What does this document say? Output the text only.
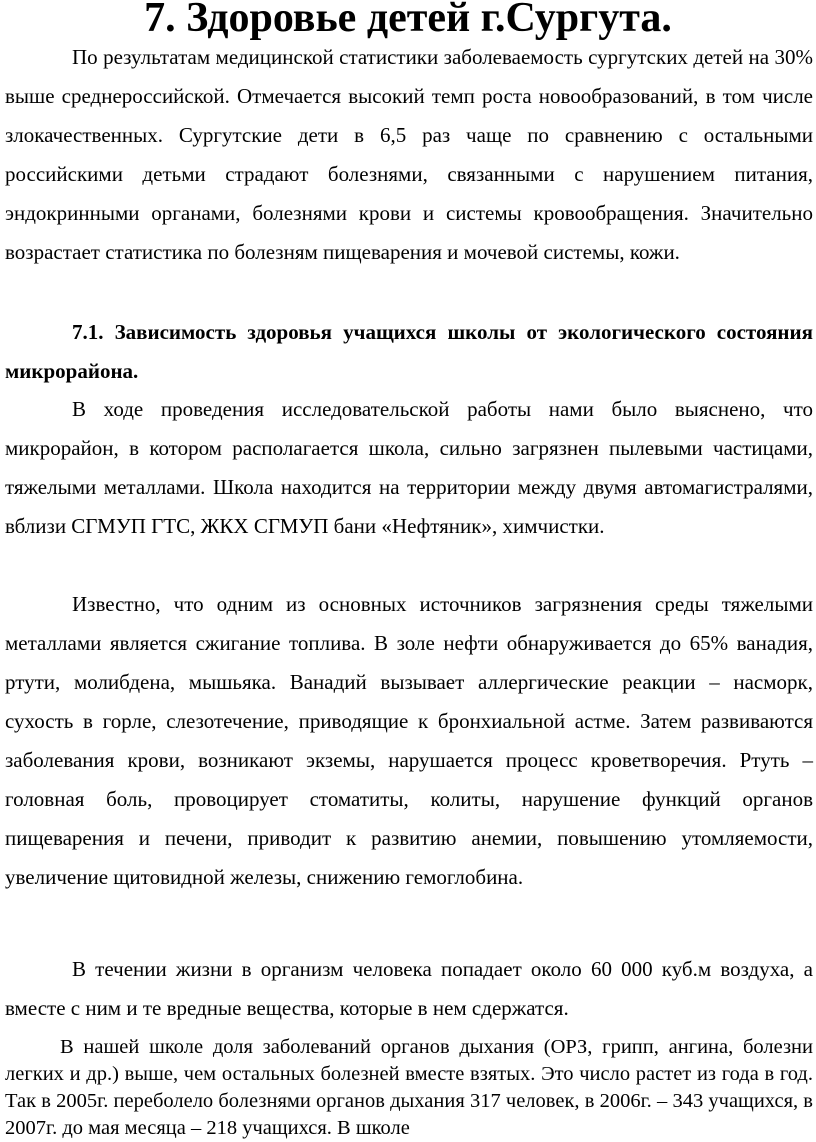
7. Здоровье детей г.Сургута.

По результатам медицинской статистики заболеваемость сургутских детей на 30% выше среднероссийской. Отмечается высокий темп роста новообразований, в том числе злокачественных. Сургутские дети в 6,5 раз чаще по сравнению с остальными российскими детьми страдают болезнями, связанными с нарушением питания, эндокринными органами, болезнями крови и системы кровообращения. Значительно возрастает статистика по болезням пищеварения и мочевой системы, кожи.

7.1. Зависимость здоровья учащихся школы от экологического состояния микрорайона.

В ходе проведения исследовательской работы нами было выяснено, что микрорайон, в котором располагается школа, сильно загрязнен пылевыми частицами, тяжелыми металлами. Школа находится на территории между двумя автомагистралями, вблизи СГМУП ГТС, ЖКХ СГМУП бани «Нефтяник», химчистки.

Известно, что одним из основных источников загрязнения среды тяжелыми металлами является сжигание топлива. В золе нефти обнаруживается до 65% ванадия, ртути, молибдена, мышьяка. Ванадий вызывает аллергические реакции – насморк, сухость в горле, слезотечение, приводящие к бронхиальной астме. Затем развиваются заболевания крови, возникают экземы, нарушается процесс кроветворечия. Ртуть – головная боль, провоцирует стоматиты, колиты, нарушение функций органов пищеварения и печени, приводит к развитию анемии, повышению утомляемости, увеличение щитовидной железы, снижению гемоглобина.

В течении жизни в организм человека попадает около 60 000 куб.м воздуха, а вместе с ним и те вредные вещества, которые в нем сдержатся.

В нашей школе доля заболеваний органов дыхания (ОРЗ, грипп, ангина, болезни легких и др.) выше, чем остальных болезней вместе взятых. Это число растет из года в год. Так в 2005г. переболело болезнями органов дыхания 317 человек, в 2006г. – 343 учащихся, в 2007г. до мая месяца – 218 учащихся. В школе
